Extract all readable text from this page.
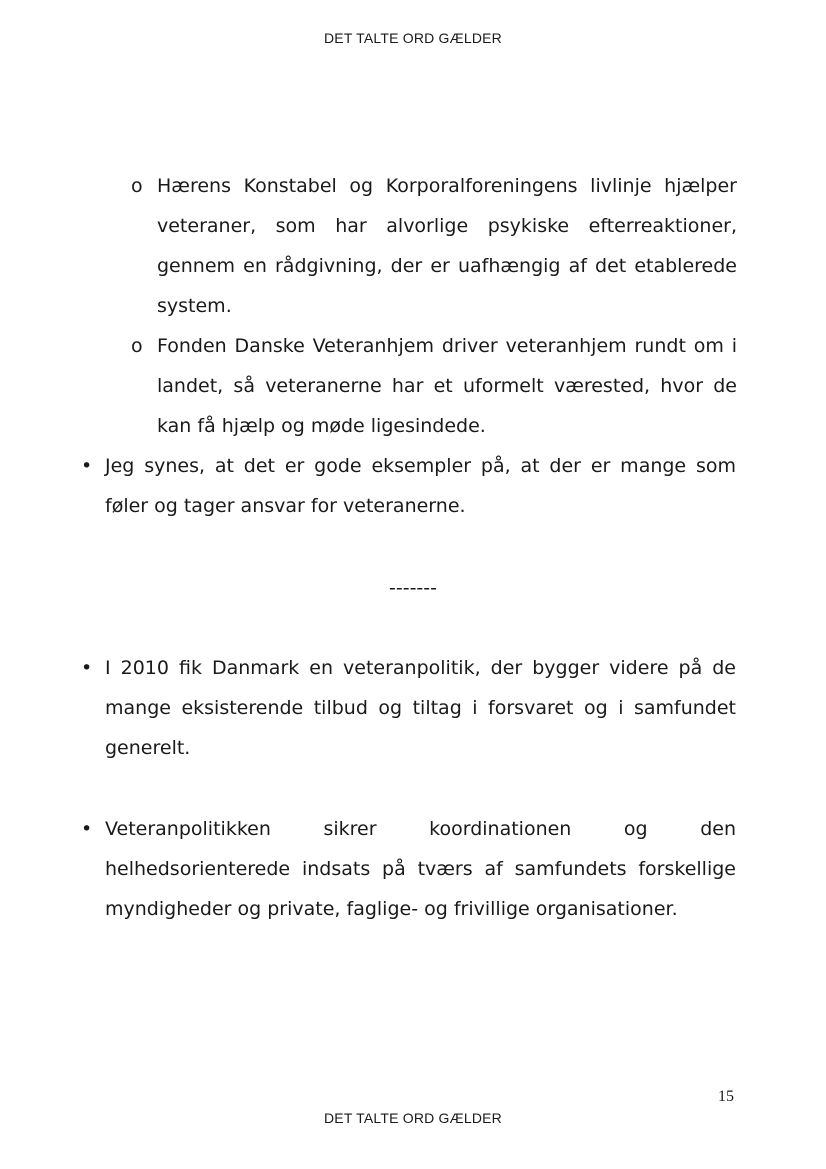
DET TALTE ORD GÆLDER
o Hærens Konstabel og Korporalforeningens livlinje hjælper veteraner, som har alvorlige psykiske efterreaktioner, gennem en rådgivning, der er uafhængig af det etablerede system.
o Fonden Danske Veteranhjem driver veteranhjem rundt om i landet, så veteranerne har et uformelt værested, hvor de kan få hjælp og møde ligesindede.
• Jeg synes, at det er gode eksempler på, at der er mange som føler og tager ansvar for veteranerne.
-------
• I 2010 fik Danmark en veteranpolitik, der bygger videre på de mange eksisterende tilbud og tiltag i forsvaret og i samfundet generelt.
• Veteranpolitikken sikrer koordinationen og den helhedsorienterede indsats på tværs af samfundets forskellige myndigheder og private, faglige- og frivillige organisationer.
15
DET TALTE ORD GÆLDER
